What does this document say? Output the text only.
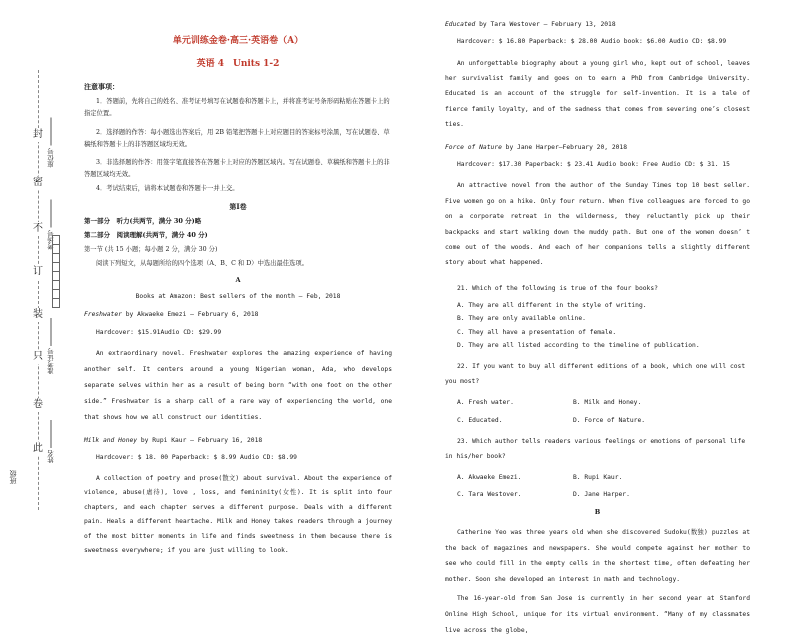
封
密
不
订
装
只
卷
此
座位号
考场号
准考证号
姓名
班级
单元训练金卷·高三·英语卷（A）
英语 4　Units 1-2
注意事项：
1．答题前，先将自己的姓名、准考证号填写在试题卷和答题卡上，并将准考证号条形码粘贴在答题卡上的指定位置。
2．选择题的作答：每小题选出答案后，用 2B 铅笔把答题卡上对应题目的答案标号涂黑，写在试题卷、草稿纸和答题卡上的非答题区域均无效。
3．非选择题的作答：用签字笔直接答在答题卡上对应的答题区域内。写在试题卷、草稿纸和答题卡上的非答题区域均无效。
4．考试结束后，请将本试题卷和答题卡一并上交。
第Ⅰ卷
第一部分　听力(共两节，满分 30 分)略
第二部分　阅读理解(共两节，满分 40 分)
第一节 (共 15 小题；每小题 2 分，满分 30 分)
阅读下列短文，从每题所给的四个选项（A、B、C 和 D）中选出最佳选项。
A
Books at Amazon: Best sellers of the month — Feb, 2018
Freshwater by Akwaeke Emezi — February 6, 2018
Hardcover: $15.91Audio CD: $29.99
An extraordinary novel. Freshwater explores the amazing experience of having another self. It centers around a young Nigerian woman, Ada, who develops separate selves within her as a result of being born “with one foot on the other side.” Freshwater is a sharp call of a rare way of experiencing the world, one that shows how we all construct our identities.
Milk and Honey by Rupi Kaur — February 16, 2018
Hardcover: $ 18. 00 Paperback: $ 8.99 Audio CD: $8.99
A collection of poetry and prose(散文) about survival. About the experience of violence, abuse(虐待), love , loss, and femininity(女性). It is split into four chapters, and each chapter serves a different purpose. Deals with a different pain. Heals a different heartache. Milk and Honey takes readers through a journey of the most bitter moments in life and finds sweetness in them because there is sweetness everywhere; if you are just willing to look.
Educated by Tara Westover — February 13, 2018
Hardcover: $ 16.80 Paperback: $ 28.00 Audio book: $6.00 Audio CD: $8.99
An unforgettable biography about a young girl who, kept out of school, leaves her survivalist family and goes on to earn a PhD from Cambridge University. Educated is an account of the struggle for self-invention. It is a tale of fierce family loyalty, and of the sadness that comes from severing one’s closest ties.
Force of Nature by Jane Harper—February 20, 2018
Hardcover: $17.30 Paperback: $ 23.41 Audio book: Free Audio CD: $ 31. 15
An attractive novel from the author of the Sunday Times top 10 best seller. Five women go on a hike. Only four return. When five colleagues are forced to go on a corporate retreat in the wilderness, they reluctantly pick up their backpacks and start walking down the muddy path. But one of the women doesn’ t come out of the woods. And each of her companions tells a slightly different story about what happened.
21. Which of the following is true of the four books?
A. They are all different in the style of writing.
B. They are only available online.
C. They all have a presentation of female.
D. They are all listed according to the timeline of publication.
22. If you want to buy all different editions of a book, which one will cost you most?
A. Fresh water.	B. Milk and Honey.
C. Educated.	D. Force of Nature.
23. Which author tells readers various feelings or emotions of personal life in his/her book?
A. Akwaeke Emezi.	B. Rupi Kaur.
C. Tara Westover.	D. Jane Harper.
B
Catherine Yeo was three years old when she discovered Sudoku(数独) puzzles at the back of magazines and newspapers. She would compete against her mother to see who could fill in the empty cells in the shortest time, often defeating her mother. Soon she developed an interest in math and technology.
The 16-year-old from San Jose is currently in her second year at Stanford Online High School, unique for its virtual environment. “Many of my classmates live across the globe,
